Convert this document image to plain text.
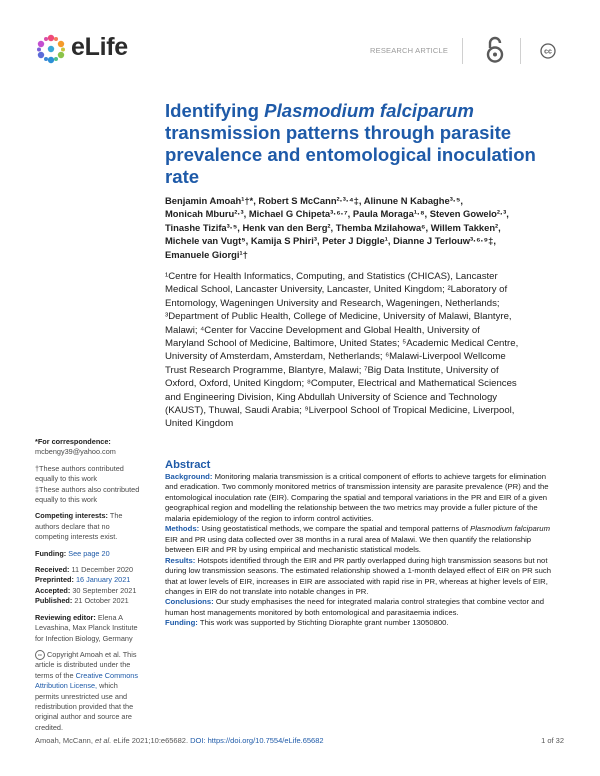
eLife	RESEARCH ARTICLE	cc
Identifying Plasmodium falciparum transmission patterns through parasite prevalence and entomological inoculation rate
Benjamin Amoah¹†*, Robert S McCann²·³·⁴‡, Alinune N Kabaghe³·⁵,
Monicah Mburu²·³, Michael G Chipeta³·⁶·⁷, Paula Moraga¹·⁸, Steven Gowelo²·³,
Tinashe Tizifa³·⁵, Henk van den Berg², Themba Mzilahowa⁶, Willem Takken²,
Michele van Vugt⁵, Kamija S Phiri³, Peter J Diggle¹, Dianne J Terlouw³·⁶·⁹‡,
Emanuele Giorgi¹†
¹Centre for Health Informatics, Computing, and Statistics (CHICAS), Lancaster
Medical School, Lancaster University, Lancaster, United Kingdom; ²Laboratory of
Entomology, Wageningen University and Research, Wageningen, Netherlands;
³Department of Public Health, College of Medicine, University of Malawi, Blantyre,
Malawi; ⁴Center for Vaccine Development and Global Health, University of
Maryland School of Medicine, Baltimore, United States; ⁵Academic Medical Centre,
University of Amsterdam, Amsterdam, Netherlands; ⁶Malawi-Liverpool Wellcome
Trust Research Programme, Blantyre, Malawi; ⁷Big Data Institute, University of
Oxford, Oxford, United Kingdom; ⁸Computer, Electrical and Mathematical Sciences
and Engineering Division, King Abdullah University of Science and Technology
(KAUST), Thuwal, Saudi Arabia; ⁹Liverpool School of Tropical Medicine, Liverpool,
United Kingdom

*For correspondence:

mcbengy39@yahoo.com

†These authors contributed

equally to this work

‡These authors also contributed

equally to this work

Competing interests: The

authors declare that no

competing interests exist.

Funding: See page 20

Received: 11 December 2020

Preprinted: 16 January 2021

Accepted: 30 September 2021

Published: 21 October 2021

Reviewing editor: Elena A

Levashina, Max Planck Institute

for Infection Biology, Germany

cc Copyright Amoah et al. This

article is distributed under the

terms of the Creative Commons

Attribution License, which

permits unrestricted use and

redistribution provided that the

original author and source are

credited.

Abstract

Background: Monitoring malaria transmission is a critical component of efforts to achieve targets for elimination and eradication. Two commonly monitored metrics of transmission intensity are parasite prevalence (PR) and the entomological inoculation rate (EIR). Comparing the spatial and temporal variations in the PR and EIR of a given geographical region and modelling the relationship between the two metrics may provide a fuller picture of the malaria epidemiology of the region to inform control activities.

Methods: Using geostatistical methods, we compare the spatial and temporal patterns of Plasmodium falciparum EIR and PR using data collected over 38 months in a rural area of Malawi. We then quantify the relationship between EIR and PR by using empirical and mechanistic statistical models.

Results: Hotspots identified through the EIR and PR partly overlapped during high transmission seasons but not during low transmission seasons. The estimated relationship showed a 1-month delayed effect of EIR on PR such that at lower levels of EIR, increases in EIR are associated with rapid rise in PR, whereas at higher levels of EIR, changes in EIR do not translate into notable changes in PR.

Conclusions: Our study emphasises the need for integrated malaria control strategies that combine vector and human host managements monitored by both entomological and parasitaemia indices.

Funding: This work was supported by Stichting Dioraphte grant number 13050800.

Amoah, McCann, et al. eLife 2021;10:e65682. DOI: https://doi.org/10.7554/eLife.65682	1 of 32
